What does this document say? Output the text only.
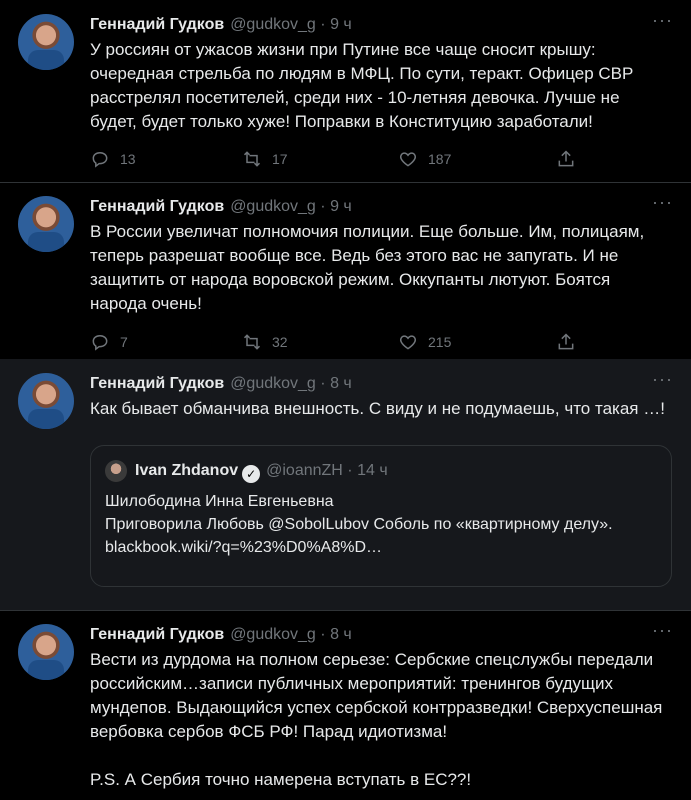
Геннадий Гудков @gudkov_g · 9 ч	···
У россиян от ужасов жизни при Путине все чаще сносит крышу: очередная стрельба по людям в МФЦ. По сути, теракт. Офицер СВР расстрелял посетителей, среди них - 10-летняя девочка. Лучше не будет, будет только хуже! Поправки в Конституцию заработали!
13	17	187
Геннадий Гудков @gudkov_g · 9 ч	···
В России увеличат полномочия полиции. Еще больше. Им, полицаям, теперь разрешат вообще все. Ведь без этого вас не запугать. И не защитить от народа воровской режим. Оккупанты лютуют. Боятся народа очень!
7	32	215
Геннадий Гудков @gudkov_g · 8 ч	···
Как бывает обманчива внешность. С виду и не подумаешь, что такая …!
Ivan Zhdanov ✓ @ioannZH · 14 ч
Шилободина Инна Евгеньевна
Приговорила Любовь @SobolLubov Соболь по «квартирному делу».
blackbook.wiki/?q=%23%D0%A8%D…
Геннадий Гудков @gudkov_g · 8 ч	···
Вести из дурдома на полном серьезе: Сербские спецслужбы передали российским…записи публичных мероприятий: тренингов будущих мундепов. Выдающийся успех сербской контрразведки! Сверхуспешная вербовка сербов ФСБ РФ! Парад идиотизма!

P.S. А Сербия точно намерена вступать в ЕС??!
